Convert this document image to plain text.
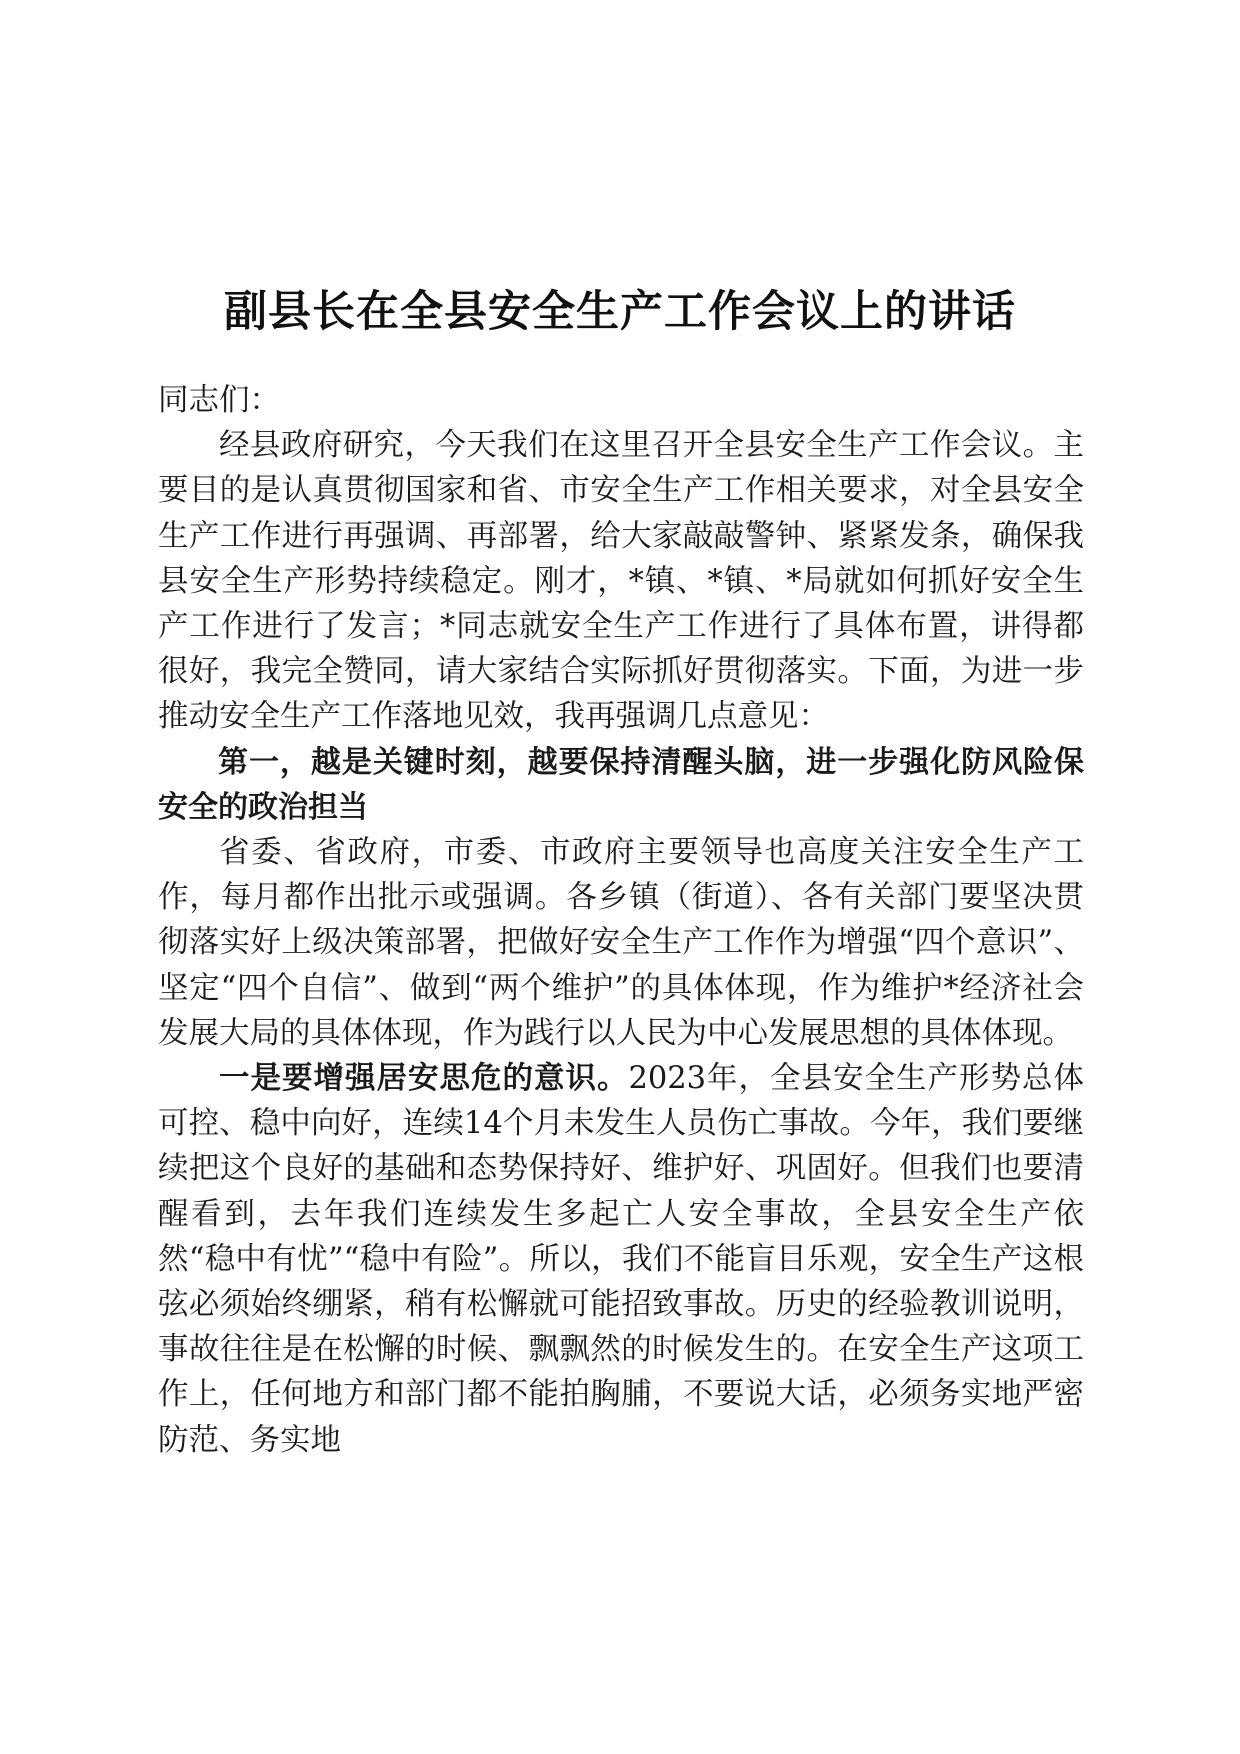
副县长在全县安全生产工作会议上的讲话

同志们：

经县政府研究，今天我们在这里召开全县安全生产工作会议。主要目的是认真贯彻国家和省、市安全生产工作相关要求，对全县安全生产工作进行再强调、再部署，给大家敲敲警钟、紧紧发条，确保我县安全生产形势持续稳定。刚才，*镇、*镇、*局就如何抓好安全生产工作进行了发言；*同志就安全生产工作进行了具体布置，讲得都很好，我完全赞同，请大家结合实际抓好贯彻落实。下面，为进一步推动安全生产工作落地见效，我再强调几点意见：

第一，越是关键时刻，越要保持清醒头脑，进一步强化防风险保安全的政治担当

省委、省政府，市委、市政府主要领导也高度关注安全生产工作，每月都作出批示或强调。各乡镇（街道）、各有关部门要坚决贯彻落实好上级决策部署，把做好安全生产工作作为增强“四个意识”、坚定“四个自信”、做到“两个维护”的具体体现，作为维护*经济社会发展大局的具体体现，作为践行以人民为中心发展思想的具体体现。

一是要增强居安思危的意识。2023年，全县安全生产形势总体可控、稳中向好，连续14个月未发生人员伤亡事故。今年，我们要继续把这个良好的基础和态势保持好、维护好、巩固好。但我们也要清醒看到，去年我们连续发生多起亡人安全事故，全县安全生产依然“稳中有忧”“稳中有险”。所以，我们不能盲目乐观，安全生产这根弦必须始终绷紧，稍有松懈就可能招致事故。历史的经验教训说明，事故往往是在松懈的时候、飘飘然的时候发生的。在安全生产这项工作上，任何地方和部门都不能拍胸脯，不要说大话，必须务实地严密防范、务实地
